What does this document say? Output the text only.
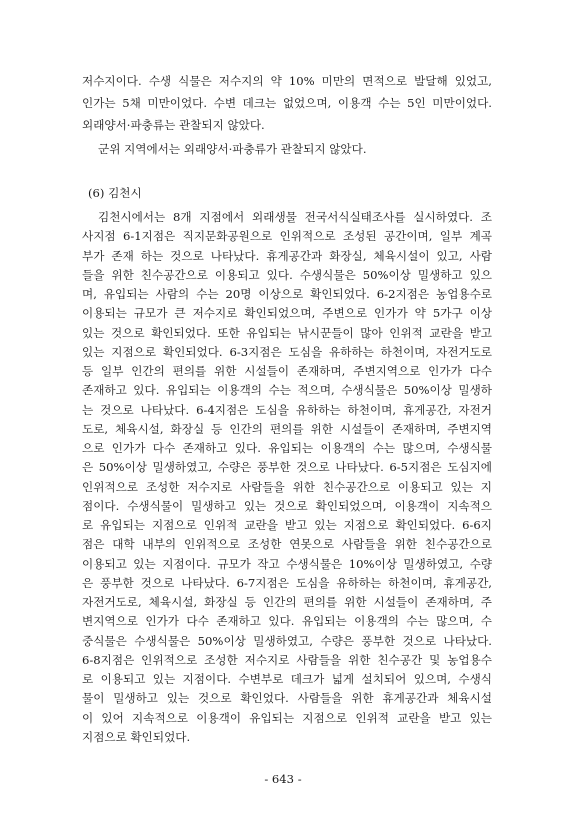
저수지이다. 수생 식물은 저수지의 약 10% 미만의 면적으로 발달해 있었고,
인가는 5채 미만이었다. 수변 데크는 없었으며, 이용객 수는 5인 미만이었다.
외래양서·파충류는 관찰되지 않았다.
군위 지역에서는 외래양서·파충류가 관찰되지 않았다.
(6) 김천시
김천시에서는 8개 지점에서 외래생물 전국서식실태조사를 실시하였다. 조
사지점 6-1지점은 직지문화공원으로 인위적으로 조성된 공간이며, 일부 계곡
부가 존재 하는 것으로 나타났다. 휴게공간과 화장실, 체육시설이 있고, 사람
들을 위한 친수공간으로 이용되고 있다. 수생식물은 50%이상 밀생하고 있으
며, 유입되는 사람의 수는 20명 이상으로 확인되었다. 6-2지점은 농업용수로
이용되는 규모가 큰 저수지로 확인되었으며, 주변으로 인가가 약 5가구 이상
있는 것으로 확인되었다. 또한 유입되는 낚시꾼들이 많아 인위적 교란을 받고
있는 지점으로 확인되었다. 6-3지점은 도심을 유하하는 하천이며, 자전거도로
등 일부 인간의 편의를 위한 시설들이 존재하며, 주변지역으로 인가가 다수
존재하고 있다. 유입되는 이용객의 수는 적으며, 수생식물은 50%이상 밀생하
는 것으로 나타났다. 6-4지점은 도심을 유하하는 하천이며, 휴게공간, 자전거
도로, 체육시설, 화장실 등 인간의 편의를 위한 시설들이 존재하며, 주변지역
으로 인가가 다수 존재하고 있다. 유입되는 이용객의 수는 많으며, 수생식물
은 50%이상 밀생하였고, 수량은 풍부한 것으로 나타났다. 6-5지점은 도심지에
인위적으로 조성한 저수지로 사람들을 위한 친수공간으로 이용되고 있는 지
점이다. 수생식물이 밀생하고 있는 것으로 확인되었으며, 이용객이 지속적으
로 유입되는 지점으로 인위적 교란을 받고 있는 지점으로 확인되었다. 6-6지
점은 대학 내부의 인위적으로 조성한 연못으로 사람들을 위한 친수공간으로
이용되고 있는 지점이다. 규모가 작고 수생식물은 10%이상 밀생하였고, 수량
은 풍부한 것으로 나타났다. 6-7지점은 도심을 유하하는 하천이며, 휴게공간,
자전거도로, 체육시설, 화장실 등 인간의 편의를 위한 시설들이 존재하며, 주
변지역으로 인가가 다수 존재하고 있다. 유입되는 이용객의 수는 많으며, 수
중식물은 수생식물은 50%이상 밀생하였고, 수량은 풍부한 것으로 나타났다.
6-8지점은 인위적으로 조성한 저수지로 사람들을 위한 친수공간 및 농업용수
로 이용되고 있는 지점이다. 수변부로 데크가 넓게 설치되어 있으며, 수생식
물이 밀생하고 있는 것으로 확인었다. 사람들을 위한 휴게공간과 체육시설
이 있어 지속적으로 이용객이 유입되는 지점으로 인위적 교란을 받고 있는
지점으로 확인되었다.
- 643 -
